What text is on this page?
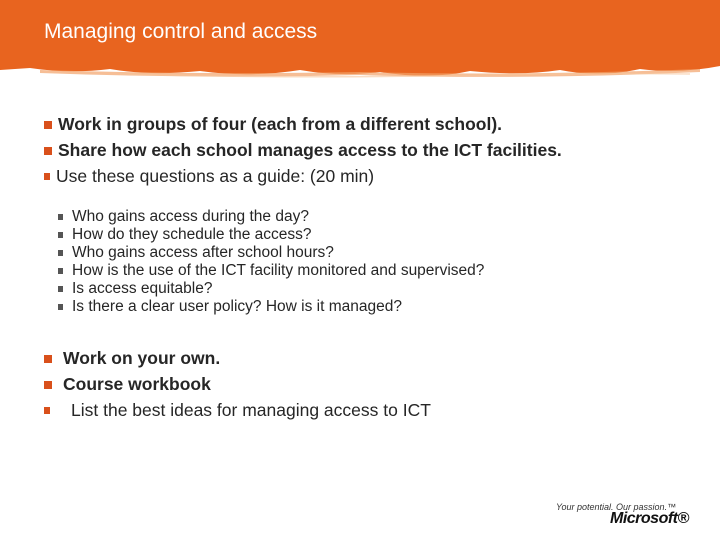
Managing control and access
Work in groups of four (each from a different school).
Share how each school manages access to the ICT facilities.
Use these questions as a guide: (20 min)
Who gains access during the day?
How do they schedule the access?
Who gains access after school hours?
How is the use of the ICT facility monitored and supervised?
Is access equitable?
Is there a clear user policy? How is it managed?
Work on your own.
Course workbook
List the best ideas for managing access to ICT
Your potential. Our passion.™
Microsoft®
